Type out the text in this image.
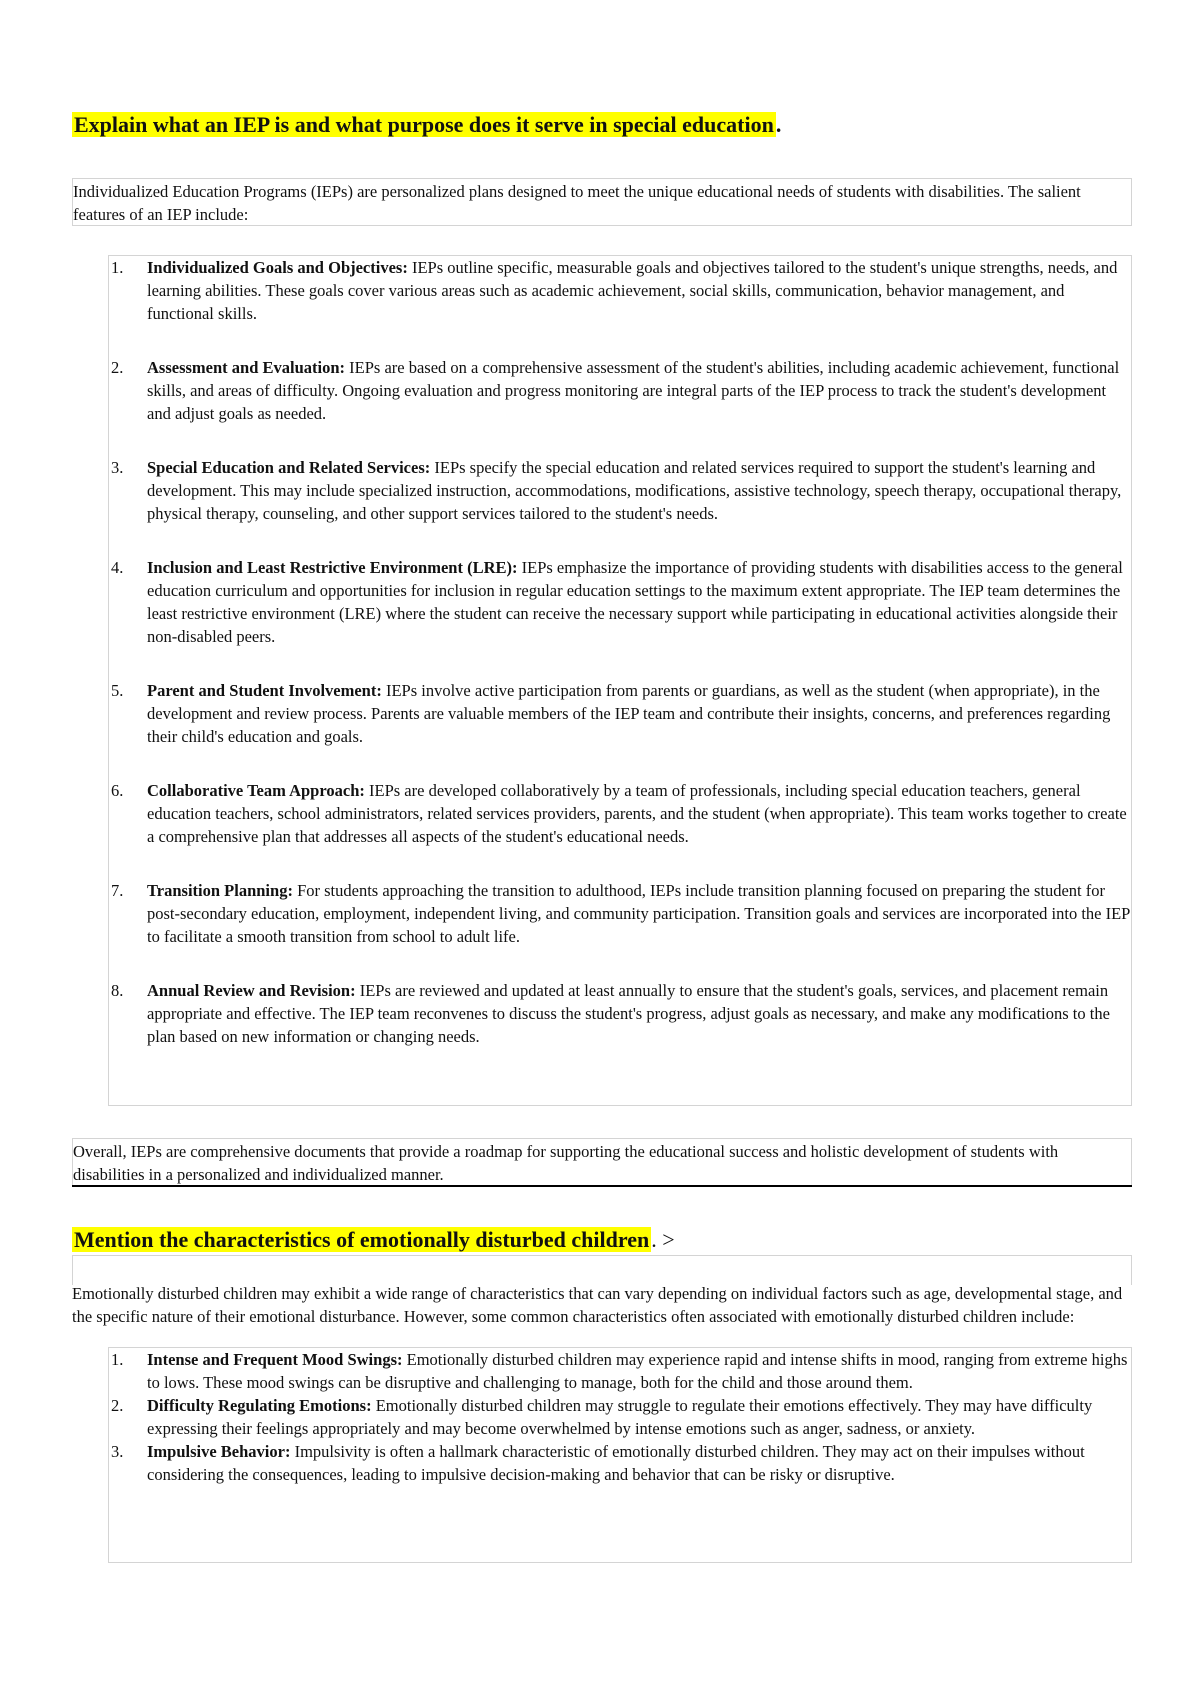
Explain what an IEP is and what purpose does it serve in special education.

Individualized Education Programs (IEPs) are personalized plans designed to meet the unique educational needs of students with disabilities. The salient features of an IEP include:

1. Individualized Goals and Objectives: IEPs outline specific, measurable goals and objectives tailored to the student's unique strengths, needs, and learning abilities. These goals cover various areas such as academic achievement, social skills, communication, behavior management, and functional skills.
2. Assessment and Evaluation: IEPs are based on a comprehensive assessment of the student's abilities, including academic achievement, functional skills, and areas of difficulty. Ongoing evaluation and progress monitoring are integral parts of the IEP process to track the student's development and adjust goals as needed.
3. Special Education and Related Services: IEPs specify the special education and related services required to support the student's learning and development. This may include specialized instruction, accommodations, modifications, assistive technology, speech therapy, occupational therapy, physical therapy, counseling, and other support services tailored to the student's needs.
4. Inclusion and Least Restrictive Environment (LRE): IEPs emphasize the importance of providing students with disabilities access to the general education curriculum and opportunities for inclusion in regular education settings to the maximum extent appropriate. The IEP team determines the least restrictive environment (LRE) where the student can receive the necessary support while participating in educational activities alongside their non-disabled peers.
5. Parent and Student Involvement: IEPs involve active participation from parents or guardians, as well as the student (when appropriate), in the development and review process. Parents are valuable members of the IEP team and contribute their insights, concerns, and preferences regarding their child's education and goals.
6. Collaborative Team Approach: IEPs are developed collaboratively by a team of professionals, including special education teachers, general education teachers, school administrators, related services providers, parents, and the student (when appropriate). This team works together to create a comprehensive plan that addresses all aspects of the student's educational needs.
7. Transition Planning: For students approaching the transition to adulthood, IEPs include transition planning focused on preparing the student for post-secondary education, employment, independent living, and community participation. Transition goals and services are incorporated into the IEP to facilitate a smooth transition from school to adult life.
8. Annual Review and Revision: IEPs are reviewed and updated at least annually to ensure that the student's goals, services, and placement remain appropriate and effective. The IEP team reconvenes to discuss the student's progress, adjust goals as necessary, and make any modifications to the plan based on new information or changing needs.

Overall, IEPs are comprehensive documents that provide a roadmap for supporting the educational success and holistic development of students with disabilities in a personalized and individualized manner.

Mention the characteristics of emotionally disturbed children. >

Emotionally disturbed children may exhibit a wide range of characteristics that can vary depending on individual factors such as age, developmental stage, and the specific nature of their emotional disturbance. However, some common characteristics often associated with emotionally disturbed children include:

1. Intense and Frequent Mood Swings: Emotionally disturbed children may experience rapid and intense shifts in mood, ranging from extreme highs to lows. These mood swings can be disruptive and challenging to manage, both for the child and those around them.
2. Difficulty Regulating Emotions: Emotionally disturbed children may struggle to regulate their emotions effectively. They may have difficulty expressing their feelings appropriately and may become overwhelmed by intense emotions such as anger, sadness, or anxiety.
3. Impulsive Behavior: Impulsivity is often a hallmark characteristic of emotionally disturbed children. They may act on their impulses without considering the consequences, leading to impulsive decision-making and behavior that can be risky or disruptive.
